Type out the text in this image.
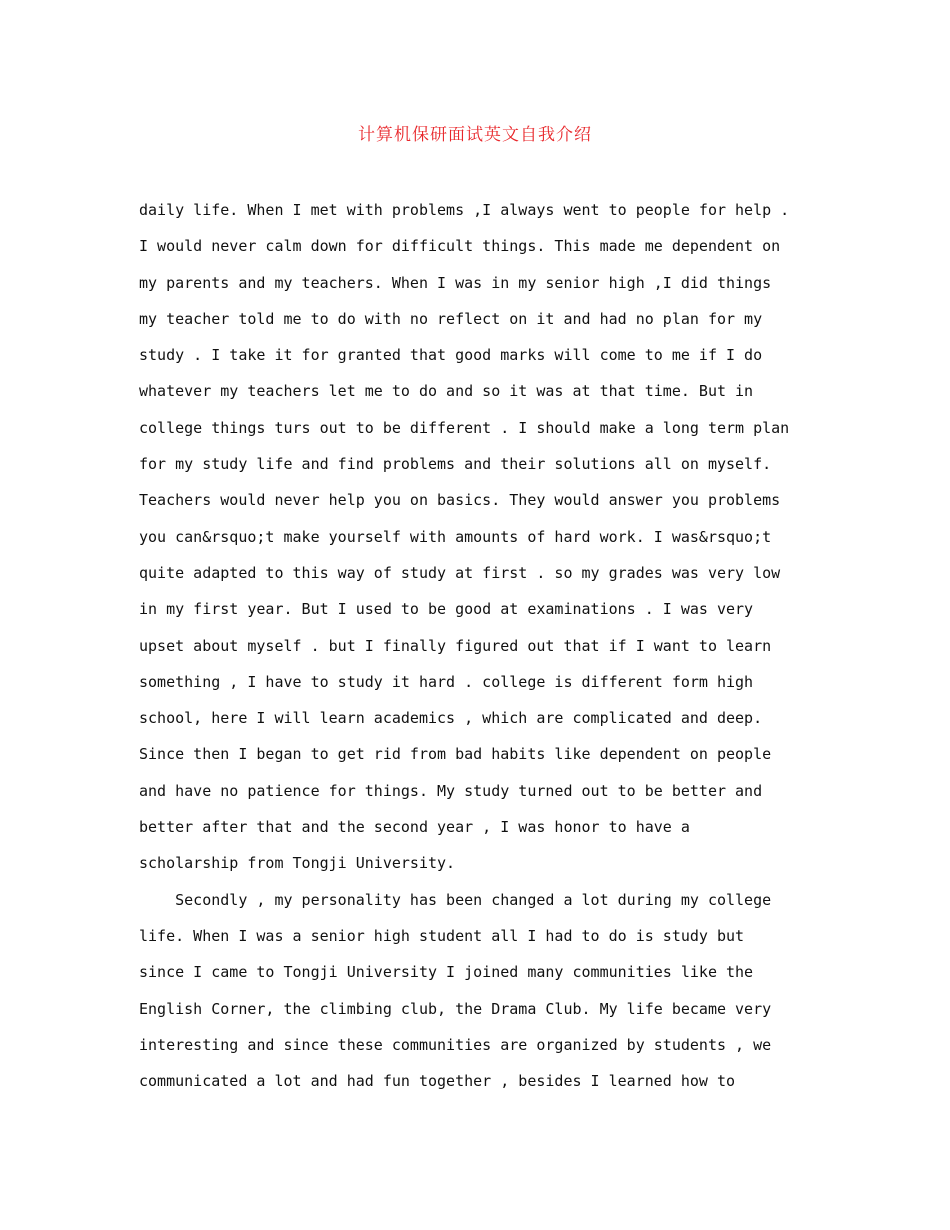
计算机保研面试英文自我介绍
daily life. When I met with problems ,I always went to people for help .
I would never calm down for difficult things. This made me dependent on
my parents and my teachers. When I was in my senior high ,I did things
my teacher told me to do with no reflect on it and had no plan for my
study . I take it for granted that good marks will come to me if I do
whatever my teachers let me to do and so it was at that time. But in
college things turs out to be different . I should make a long term plan
for my study life and find problems and their solutions all on myself.
Teachers would never help you on basics. They would answer you problems
you can&rsquo;t make yourself with amounts of hard work. I was&rsquo;t
quite adapted to this way of study at first . so my grades was very low
in my first year. But I used to be good at examinations . I was very
upset about myself . but I finally figured out that if I want to learn
something , I have to study it hard . college is different form high
school, here I will learn academics , which are complicated and deep.
Since then I began to get rid from bad habits like dependent on people
and have no patience for things. My study turned out to be better and
better after that and the second year , I was honor to have a
scholarship from Tongji University.
Secondly , my personality has been changed a lot during my college
life. When I was a senior high student all I had to do is study but
since I came to Tongji University I joined many communities like the
English Corner, the climbing club, the Drama Club. My life became very
interesting and since these communities are organized by students , we
communicated a lot and had fun together , besides I learned how to
